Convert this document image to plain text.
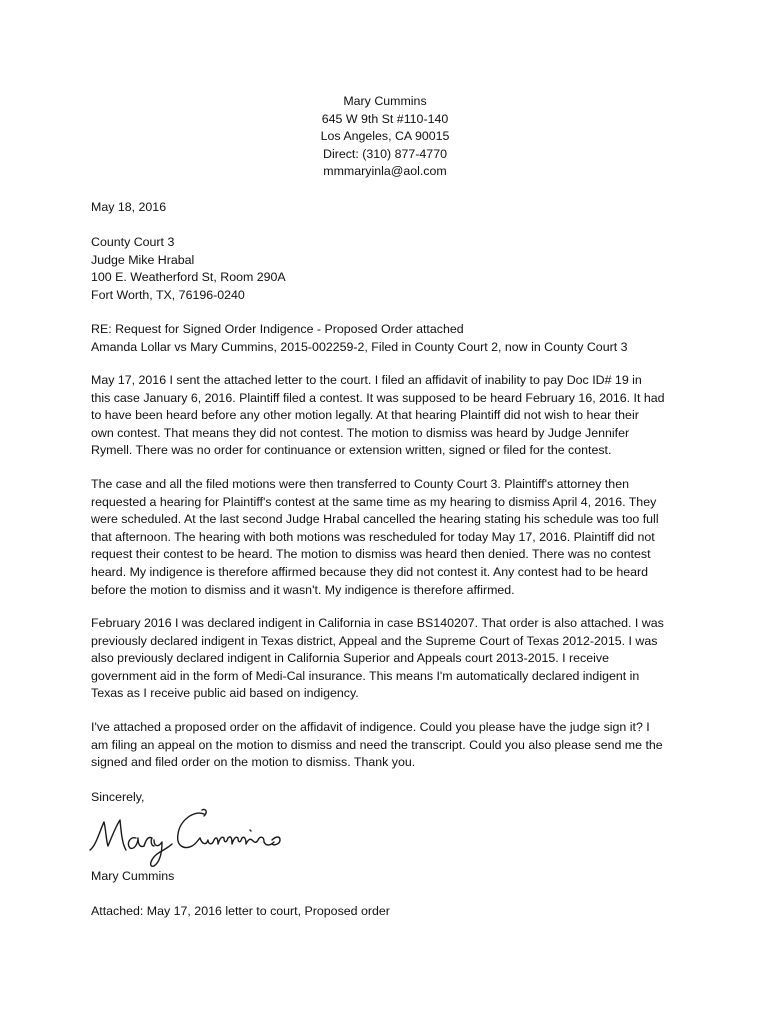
Mary Cummins
645 W 9th St #110-140
Los Angeles, CA 90015
Direct: (310) 877-4770
mmmaryinla@aol.com
May 18, 2016
County Court 3
Judge Mike Hrabal
100 E. Weatherford St, Room 290A
Fort Worth, TX, 76196-0240
RE: Request for Signed Order Indigence - Proposed Order attached
Amanda Lollar vs Mary Cummins, 2015-002259-2, Filed in County Court 2, now in County Court 3
May 17, 2016 I sent the attached letter to the court. I filed an affidavit of inability to pay Doc ID# 19 in
this case January 6, 2016. Plaintiff filed a contest. It was supposed to be heard February 16, 2016. It had
to have been heard before any other motion legally. At that hearing Plaintiff did not wish to hear their
own contest. That means they did not contest. The motion to dismiss was heard by Judge Jennifer
Rymell. There was no order for continuance or extension written, signed or filed for the contest.
The case and all the filed motions were then transferred to County Court 3. Plaintiff's attorney then
requested a hearing for Plaintiff's contest at the same time as my hearing to dismiss April 4, 2016. They
were scheduled. At the last second Judge Hrabal cancelled the hearing stating his schedule was too full
that afternoon. The hearing with both motions was rescheduled for today May 17, 2016. Plaintiff did not
request their contest to be heard. The motion to dismiss was heard then denied. There was no contest
heard. My indigence is therefore affirmed because they did not contest it. Any contest had to be heard
before the motion to dismiss and it wasn't. My indigence is therefore affirmed.
February 2016 I was declared indigent in California in case BS140207. That order is also attached. I was
previously declared indigent in Texas district, Appeal and the Supreme Court of Texas 2012-2015. I was
also previously declared indigent in California Superior and Appeals court 2013-2015. I receive
government aid in the form of Medi-Cal insurance. This means I'm automatically declared indigent in
Texas as I receive public aid based on indigency.
I've attached a proposed order on the affidavit of indigence. Could you please have the judge sign it? I
am filing an appeal on the motion to dismiss and need the transcript. Could you also please send me the
signed and filed order on the motion to dismiss. Thank you.
Sincerely,
Mary Cummins
Attached: May 17, 2016 letter to court, Proposed order
